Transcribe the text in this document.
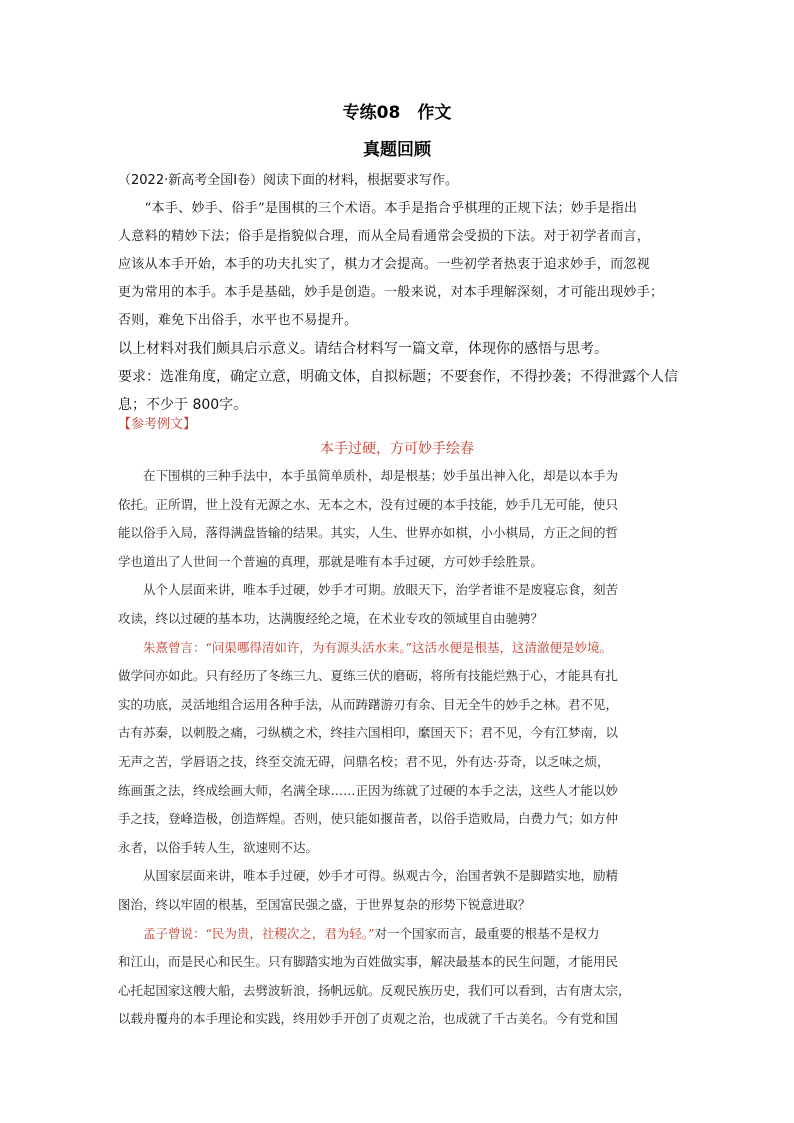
专练08　作文
真题回顾

（2022·新高考全国Ⅰ卷）阅读下面的材料，根据要求写作。

　　“本手、妙手、俗手”是围棋的三个术语。本手是指合乎棋理的正规下法；妙手是指出

人意料的精妙下法；俗手是指貌似合理，而从全局看通常会受损的下法。对于初学者而言，

应该从本手开始，本手的功夫扎实了，棋力才会提高。一些初学者热衷于追求妙手，而忽视

更为常用的本手。本手是基础，妙手是创造。一般来说，对本手理解深刻，才可能出现妙手；

否则，难免下出俗手，水平也不易提升。

以上材料对我们颇具启示意义。请结合材料写一篇文章，体现你的感悟与思考。

要求：选准角度，确定立意，明确文体，自拟标题；不要套作，不得抄袭；不得泄露个人信

息；不少于 800字。

【参考例文】
本手过硬，方可妙手绘春

　　在下围棋的三种手法中，本手虽简单质朴，却是根基；妙手虽出神入化，却是以本手为

依托。正所谓，世上没有无源之水、无本之木，没有过硬的本手技能，妙手几无可能，使只

能以俗手入局，落得满盘皆输的结果。其实，人生、世界亦如棋，小小棋局，方正之间的哲

学也道出了人世间一个普遍的真理，那就是唯有本手过硬，方可妙手绘胜景。

　　从个人层面来讲，唯本手过硬，妙手才可期。放眼天下，治学者谁不是废寝忘食，刻苦

攻读，终以过硬的基本功，达满腹经纶之境，在术业专攻的领域里自由驰骋？

　　朱熹曾言：“问渠哪得清如许，为有源头活水来。”这活水便是根基，这清澈便是妙境。

做学问亦如此。只有经历了冬练三九、夏练三伏的磨砺，将所有技能烂熟于心，才能具有扎

实的功底，灵活地组合运用各种手法，从而踌躇游刃有余、目无全牛的妙手之林。君不见，

古有苏秦，以刺股之痛，刁纵横之术，终挂六国相印，縻国天下；君不见，今有江梦南，以

无声之苦，学唇语之技，终至交流无碍，问鼎名校；君不见，外有达·芬奇，以乏味之烦，

练画蛋之法，终成绘画大师，名满全球……正因为练就了过硬的本手之法，这些人才能以妙

手之技，登峰造极，创造辉煌。否则，使只能如揠苗者，以俗手造败局，白费力气；如方仲

永者，以俗手转人生，欲速则不达。

　　从国家层面来讲，唯本手过硬，妙手才可得。纵观古今，治国者孰不是脚踏实地，励精

图治，终以牢固的根基，至国富民强之盛，于世界复杂的形势下锐意进取？

　　孟子曾说：“民为贵，社稷次之，君为轻。”对一个国家而言，最重要的根基不是权力

和江山，而是民心和民生。只有脚踏实地为百姓做实事，解决最基本的民生问题，才能用民

心托起国家这艘大船，去劈波斩浪，扬帆远航。反观民族历史，我们可以看到，古有唐太宗，

以载舟覆舟的本手理论和实践，终用妙手开创了贞观之治，也成就了千古美名。今有党和国
